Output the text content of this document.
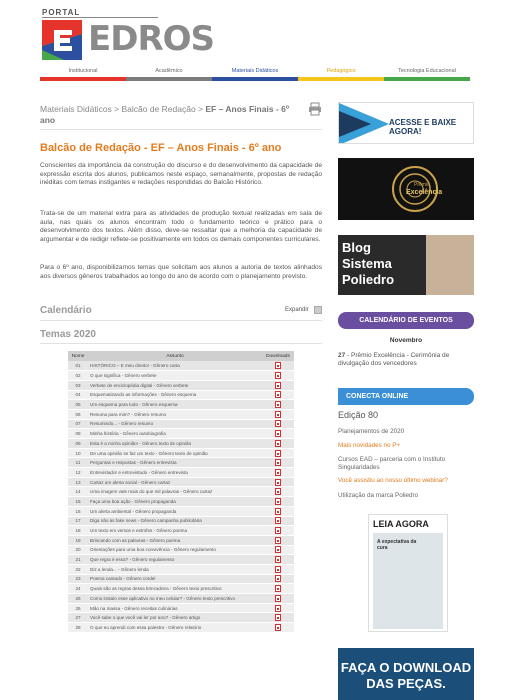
PORTAL
EDROS
Institucional	Acadêmico	Materiais Didáticos	Pedagógico	Tecnologia Educacional
Materiais Didáticos > Balcão de Redação > EF – Anos Finais - 6º ano
Balcão de Redação - EF – Anos Finais - 6º ano
Conscientes da importância da construção do discurso e do desenvolvimento da capacidade de expressão escrita dos alunos, publicamos neste espaço, semanalmente, propostas de redação inéditas com temas instigantes e redações respondidas do Balcão Histórico.
Trata-se de um material extra para as atividades de produção textual realizadas em sala de aula, nas quais os alunos encontram todo o fundamento teórico e prático para o desenvolvimento dos textos. Além disso, deve-se ressaltar que a melhoria da capacidade de argumentar e de redigir reflete-se positivamente em todos os demais componentes curriculares.
Para o 6º ano, disponibilizamos temas que solicitam aos alunos a autoria de textos alinhados aos diversos gêneros trabalhados ao longo do ano de acordo com o planejamento previsto.
Calendário	Expandir
Temas 2020
Nome	Assunto	Downloads
01	HISTÓRICO – E meu direito! - Gênero carta	
02	O que significa - Gênero verbete	
03	Verbete de enciclopédia digital - Gênero verbete	
04	Esquematizando as informações - Gênero esquema	
05	Um esquema para tudo - Gênero esquema	
06	Resuma para mim? - Gênero resumo	
07	Resumindo... - Gênero resumo	
08	Minha história - Gênero autobiografia	
09	Esta é a minha opinião! - Gênero texto de opinião	
10	De uma opinião se faz um texto - Gênero texto de opinião	
11	Perguntas e respostas - Gênero entrevista	
12	Entrevistador e entrevistado - Gênero entrevista	
13	Cartaz um alerta social - Gênero cartaz	
14	Uma imagem vale mais do que mil palavras - Gênero cartaz	
15	Faça uma boa ação - Gênero propaganda	
16	Um alerta ambiental - Gênero propaganda	
17	Diga não às fake news - Gênero campanha publicitária	
18	Um texto em versos e estrofes - Gênero poema	
19	Brincando com as palavras - Gênero poema	
20	Orientações para uma boa convivência - Gênero regulamento	
21	Que regra é essa? - Gênero regulamento	
22	Diz a lenda... - Gênero lenda	
23	Poema cantado - Gênero cordel	
24	Quais são as regras dessa brincadeira - Gênero texto prescritivo	
25	Como instalo esse aplicativo no meu celular? - Gênero texto prescritivo	
26	Mão na massa - Gênero receitas culinárias	
27	Você sabe o que você vai ler por ano? - Gênero artigo	
28	O que eu aprendi com essa palestra - Gênero relatório	
ACESSE E BAIXE AGORA!
Prêmio
Excelência
Blog
Sistema
Poliedro
CALENDÁRIO DE EVENTOS
Novembro
27 - Prêmio Excelência - Cerimônia de divulgação dos vencedores
CONECTA ONLINE
Edição 80
Planejamentos de 2020
Mais novidades no P+
Cursos EAD – parceria com o Instituto Singularidades
Você assistiu ao nosso último webinar?
Utilização da marca Poliedro
LEIA AGORA
A expectativa da cura
FAÇA O DOWNLOAD
DAS PEÇAS.
